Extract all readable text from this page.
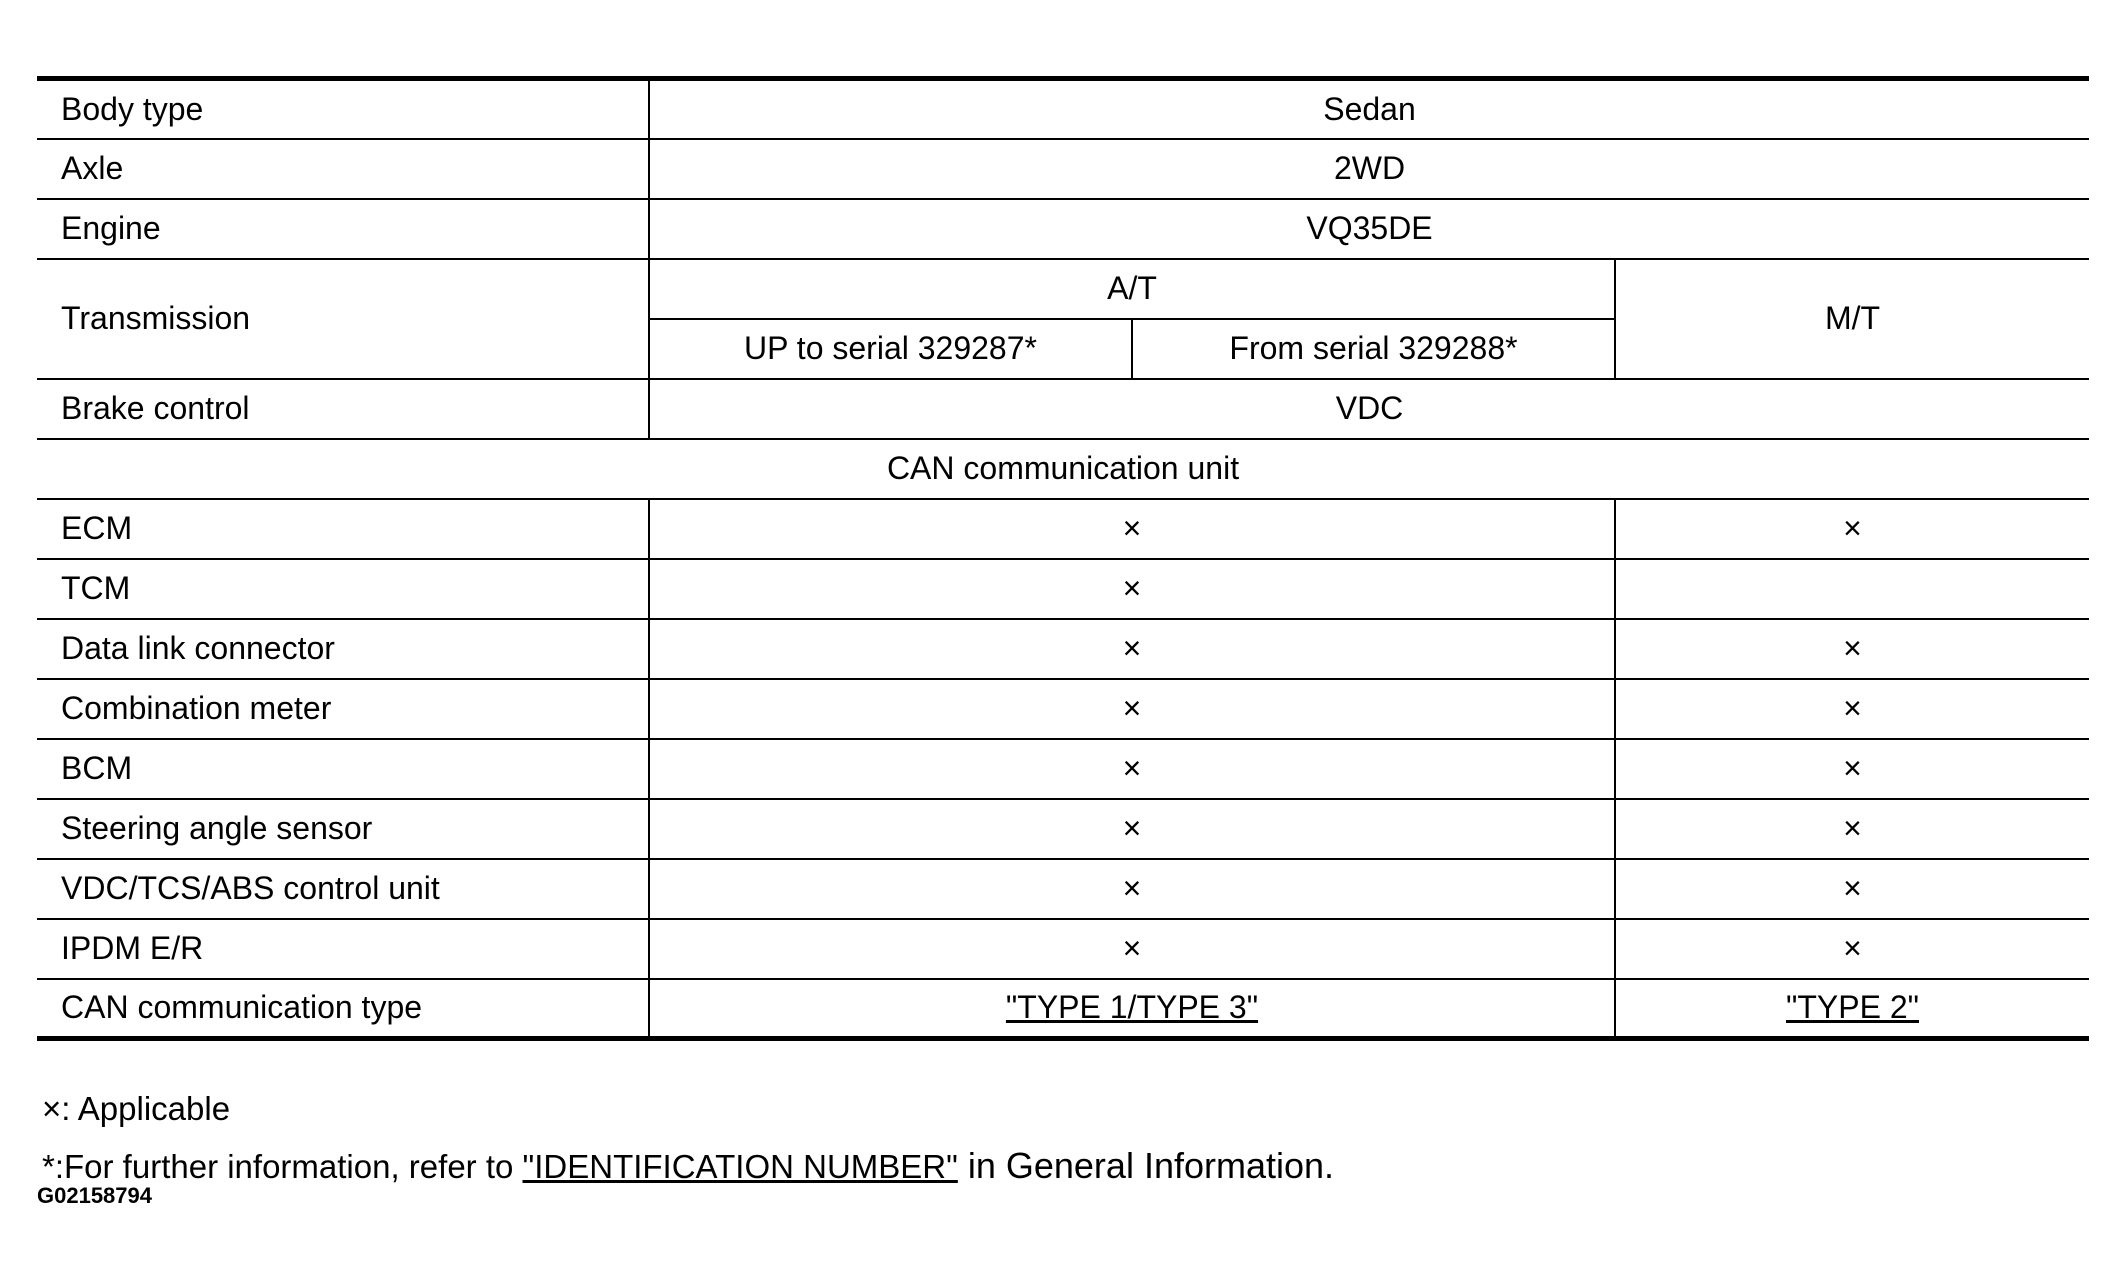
Body type	Sedan		
Axle	2WD		
Engine	VQ35DE		
Transmission	A/T		M/T
	UP to serial 329287*	From serial 329288*	
Brake control	VDC		
CAN communication unit			
ECM	×		×
TCM	×		
Data link connector	×		×
Combination meter	×		×
BCM	×		×
Steering angle sensor	×		×
VDC/TCS/ABS control unit	×		×
IPDM E/R	×		×
CAN communication type	"TYPE 1/TYPE 3"		"TYPE 2"
×: Applicable
*:For further information, refer to "IDENTIFICATION NUMBER" in General Information.
G02158794
